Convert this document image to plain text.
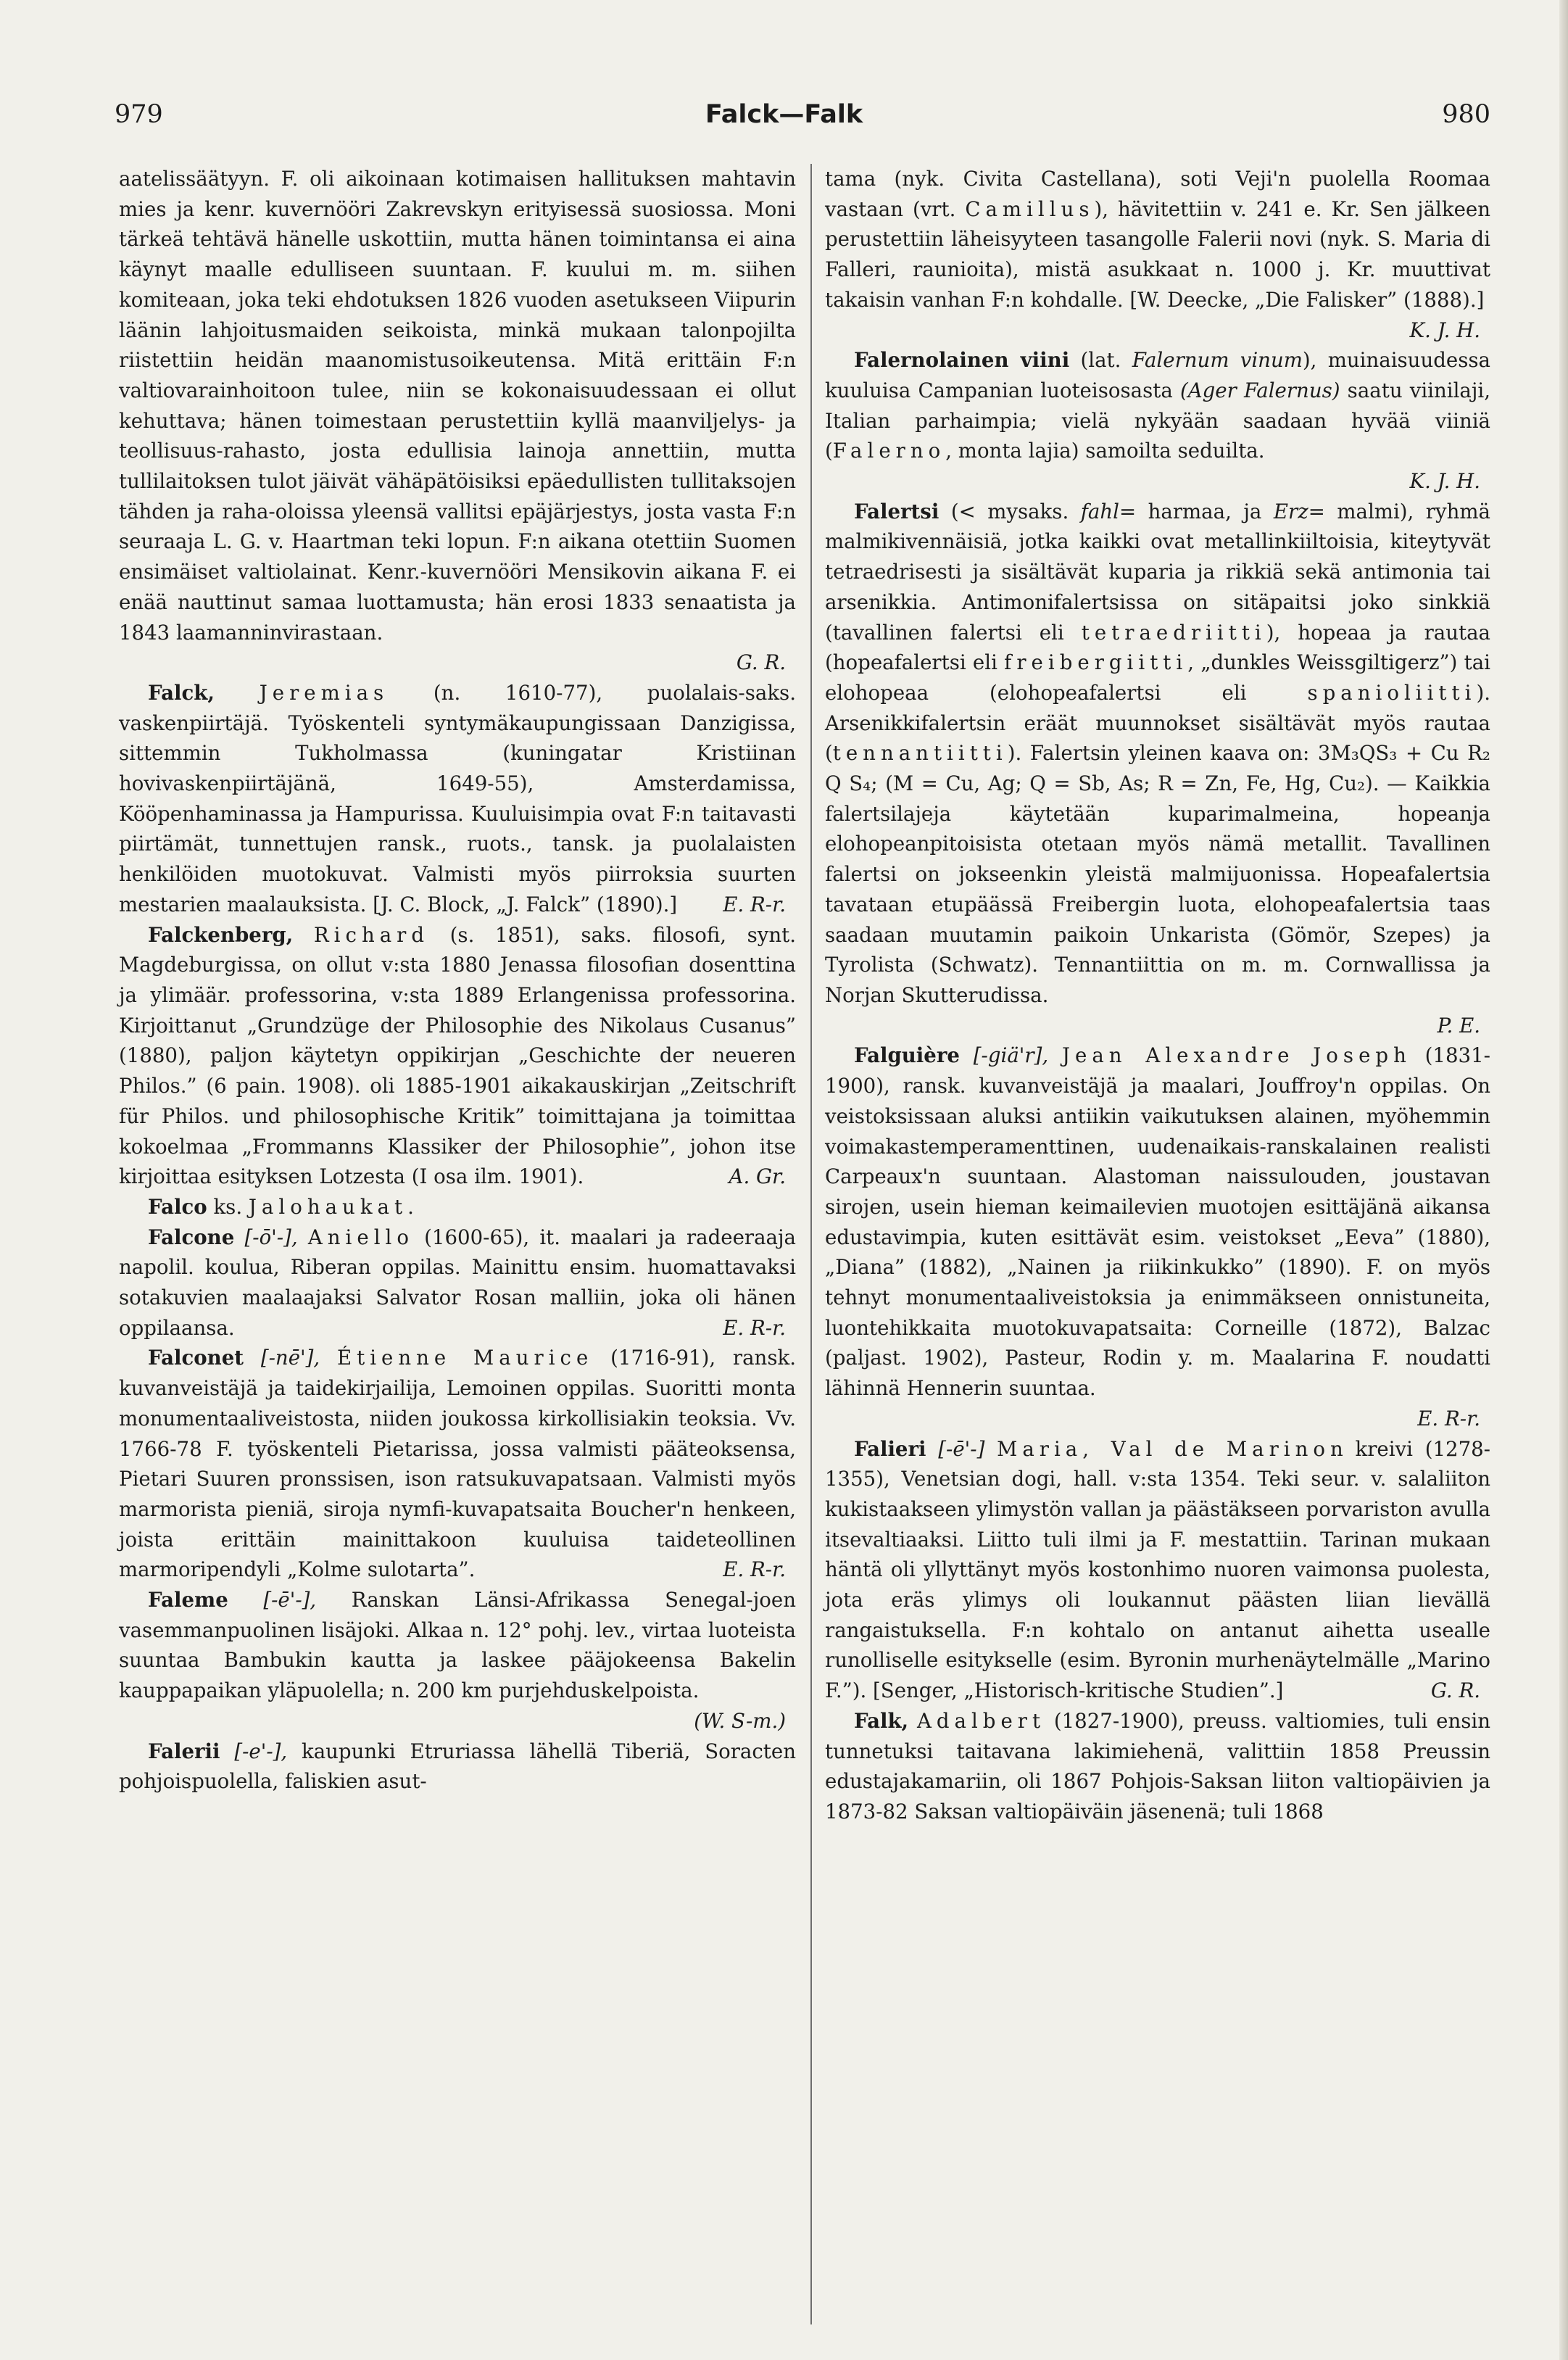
979	Falck—Falk	980

aatelissäätyyn. F. oli aikoinaan kotimaisen hallituksen mahtavin mies ja kenr. kuvernööri Zakrevskyn erityisessä suosiossa. Moni tärkeä tehtävä hänelle uskottiin, mutta hänen toimintansa ei aina käynyt maalle edulliseen suuntaan. F. kuului m. m. siihen komiteaan, joka teki ehdotuksen 1826 vuoden asetukseen Viipurin läänin lahjoitusmaiden seikoista, minkä mukaan talonpojilta riistettiin heidän maanomistusoikeutensa. Mitä erittäin F:n valtiovarainhoitoon tulee, niin se kokonaisuudessaan ei ollut kehuttava; hänen toimestaan perustettiin kyllä maanviljelys- ja teollisuus-rahasto, josta edullisia lainoja annettiin, mutta tullilaitoksen tulot jäivät vähäpätöisiksi epäedullisten tullitaksojen tähden ja raha-oloissa yleensä vallitsi epäjärjestys, josta vasta F:n seuraaja L. G. v. Haartman teki lopun. F:n aikana otettiin Suomen ensimäiset valtiolainat. Kenr.-kuvernööri Mensikovin aikana F. ei enää nauttinut samaa luottamusta; hän erosi 1833 senaatista ja 1843 laamanninvirastaan.
G. R.

Falck, Jeremias (n. 1610-77), puolalais-saks. vaskenpiirtäjä. Työskenteli syntymäkaupungissaan Danzigissa, sittemmin Tukholmassa (kuningatar Kristiinan hovivaskenpiirtäjänä, 1649-55), Amsterdamissa, Kööpenhaminassa ja Hampurissa. Kuuluisimpia ovat F:n taitavasti piirtämät, tunnettujen ransk., ruots., tansk. ja puolalaisten henkilöiden muotokuvat. Valmisti myös piirroksia suurten mestarien maalauksista. [J. C. Block, „J. Falck” (1890).]	E. R-r.

Falckenberg, Richard (s. 1851), saks. filosofi, synt. Magdeburgissa, on ollut v:sta 1880 Jenassa filosofian dosenttina ja ylimäär. professorina, v:sta 1889 Erlangenissa professorina. Kirjoittanut „Grundzüge der Philosophie des Nikolaus Cusanus” (1880), paljon käytetyn oppikirjan „Geschichte der neueren Philos.” (6 pain. 1908). oli 1885-1901 aikakauskirjan „Zeitschrift für Philos. und philosophische Kritik” toimittajana ja toimittaa kokoelmaa „Frommanns Klassiker der Philosophie”, johon itse kirjoittaa esityksen Lotzesta (I osa ilm. 1901).	A. Gr.

Falco ks. Jalohaukat.

Falcone [-ō'-], Aniello (1600-65), it. maalari ja radeeraaja napolil. koulua, Riberan oppilas. Mainittu ensim. huomattavaksi sotakuvien maalaajaksi Salvator Rosan malliin, joka oli hänen oppilaansa.	E. R-r.

Falconet [-nē'], Étienne Maurice (1716-91), ransk. kuvanveistäjä ja taidekirjailija, Lemoinen oppilas. Suoritti monta monumentaaliveistosta, niiden joukossa kirkollisiakin teoksia. Vv. 1766-78 F. työskenteli Pietarissa, jossa valmisti pääteoksensa, Pietari Suuren pronssisen, ison ratsukuvapatsaan. Valmisti myös marmorista pieniä, siroja nymfi-kuvapatsaita Boucher'n henkeen, joista erittäin mainittakoon kuuluisa taideteollinen marmoripendyli „Kolme sulotarta”.	E. R-r.

Faleme [-ē'-], Ranskan Länsi-Afrikassa Senegal-joen vasemmanpuolinen lisäjoki. Alkaa n. 12° pohj. lev., virtaa luoteista suuntaa Bambukin kautta ja laskee pääjokeensa Bakelin kauppapaikan yläpuolella; n. 200 km purjehduskelpoista.
(W. S-m.)

Falerii [-e'-], kaupunki Etruriassa lähellä Tiberiä, Soracten pohjoispuolella, faliskien asut-

tama (nyk. Civita Castellana), soti Veji'n puolella Roomaa vastaan (vrt. Camillus), hävitettiin v. 241 e. Kr. Sen jälkeen perustettiin läheisyyteen tasangolle Falerii novi (nyk. S. Maria di Falleri, raunioita), mistä asukkaat n. 1000 j. Kr. muuttivat takaisin vanhan F:n kohdalle. [W. Deecke, „Die Falisker” (1888).]
K. J. H.

Falernolainen viini (lat. Falernum vinum), muinaisuudessa kuuluisa Campanian luoteisosasta (Ager Falernus) saatu viinilaji, Italian parhaimpia; vielä nykyään saadaan hyvää viiniä (Falerno, monta lajia) samoilta seduilta.
K. J. H.

Falertsi (< mysaks. fahl= harmaa, ja Erz= malmi), ryhmä malmikivennäisiä, jotka kaikki ovat metallinkiiltoisia, kiteytyvät tetraedrisesti ja sisältävät kuparia ja rikkiä sekä antimonia tai arsenikkia. Antimonifalertsissa on sitäpaitsi joko sinkkiä (tavallinen falertsi eli tetraedriitti), hopeaa ja rautaa (hopeafalertsi eli freibergiitti, „dunkles Weissgiltigerz”) tai elohopeaa (elohopeafalertsi eli	spanioliitti). Arsenikkifalertsin eräät muunnokset sisältävät myös rautaa (tennantiitti). Falertsin yleinen kaava on: 3M₃QS₃ + Cu R₂ Q S₄; (M = Cu, Ag; Q = Sb, As; R = Zn, Fe, Hg, Cu₂). — Kaikkia falertsilajeja käytetään kuparimalmeina, hopeanja elohopeanpitoisista otetaan myös nämä metallit. Tavallinen falertsi on jokseenkin yleistä malmijuonissa. Hopeafalertsia tavataan etupäässä Freibergin luota, elohopeafalertsia taas saadaan muutamin paikoin Unkarista (Gömör, Szepes) ja Tyrolista (Schwatz). Tennantiittia on m. m. Cornwallissa ja Norjan Skutterudissa.
P. E.

Falguière [-giä'r], Jean Alexandre Joseph (1831-1900), ransk. kuvanveistäjä ja maalari, Jouffroy'n oppilas. On veistoksissaan aluksi antiikin vaikutuksen alainen, myöhemmin voimakastemperamenttinen, uudenaikais-ranskalainen realisti Carpeaux'n suuntaan. Alastoman naissulouden, joustavan sirojen, usein hieman keimailevien muotojen esittäjänä aikansa edustavimpia, kuten esittävät esim. veistokset „Eeva” (1880), „Diana” (1882), „Nainen ja riikinkukko” (1890). F. on myös tehnyt monumentaaliveistoksia ja enimmäkseen onnistuneita, luontehikkaita muotokuvapatsaita: Corneille (1872), Balzac (paljast. 1902), Pasteur, Rodin y. m. Maalarina F. noudatti lähinnä Hennerin suuntaa.
E. R-r.

Falieri [-ē'-] Maria, Val de Marinon kreivi (1278-1355), Venetsian dogi, hall. v:sta 1354. Teki seur. v. salaliiton kukistaakseen ylimystön vallan ja päästäkseen porvariston avulla itsevaltiaaksi. Liitto tuli ilmi ja F. mestattiin. Tarinan mukaan häntä oli yllyttänyt myös kostonhimo nuoren vaimonsa puolesta, jota eräs ylimys oli loukannut päästen liian lievällä rangaistuksella. F:n kohtalo on antanut aihetta usealle runolliselle esitykselle (esim. Byronin murhenäytelmälle „Marino F.”). [Senger, „Historisch-kritische Studien”.]	G. R.

Falk, Adalbert (1827-1900), preuss. valtiomies, tuli ensin tunnetuksi taitavana lakimiehenä, valittiin 1858 Preussin edustajakamariin, oli 1867 Pohjois-Saksan liiton valtiopäivien ja 1873-82 Saksan valtiopäiväin jäsenenä; tuli 1868
